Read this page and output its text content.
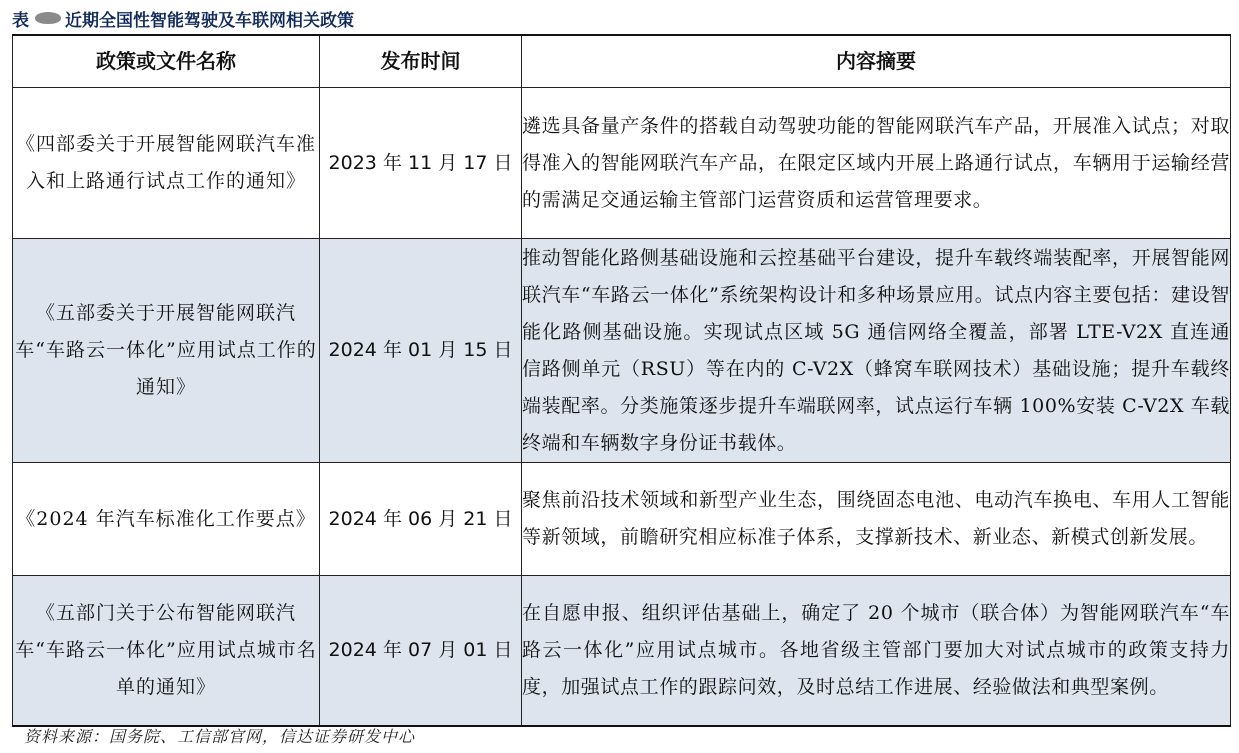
表 近期全国性智能驾驶及车联网相关政策
政策或文件名称	发布时间	内容摘要
《四部委关于开展智能网联汽车准入和上路通行试点工作的通知》	2023 年 11 月 17 日	遴选具备量产条件的搭载自动驾驶功能的智能网联汽车产品，开展准入试点；对取得准入的智能网联汽车产品，在限定区域内开展上路通行试点，车辆用于运输经营的需满足交通运输主管部门运营资质和运营管理要求。
《五部委关于开展智能网联汽车“车路云一体化”应用试点工作的通知》	2024 年 01 月 15 日	推动智能化路侧基础设施和云控基础平台建设，提升车载终端装配率，开展智能网联汽车“车路云一体化”系统架构设计和多种场景应用。试点内容主要包括：建设智能化路侧基础设施。实现试点区域 5G 通信网络全覆盖，部署 LTE-V2X 直连通信路侧单元（RSU）等在内的 C-V2X（蜂窝车联网技术）基础设施；提升车载终端装配率。分类施策逐步提升车端联网率，试点运行车辆 100%安装 C-V2X 车载终端和车辆数字身份证书载体。
《2024 年汽车标准化工作要点》	2024 年 06 月 21 日	聚焦前沿技术领域和新型产业生态，围绕固态电池、电动汽车换电、车用人工智能等新领域，前瞻研究相应标准子体系，支撑新技术、新业态、新模式创新发展。
《五部门关于公布智能网联汽车“车路云一体化”应用试点城市名单的通知》	2024 年 07 月 01 日	在自愿申报、组织评估基础上，确定了 20 个城市（联合体）为智能网联汽车“车路云一体化”应用试点城市。各地省级主管部门要加大对试点城市的政策支持力度，加强试点工作的跟踪问效，及时总结工作进展、经验做法和典型案例。
资料来源：国务院、工信部官网，信达证券研发中心
